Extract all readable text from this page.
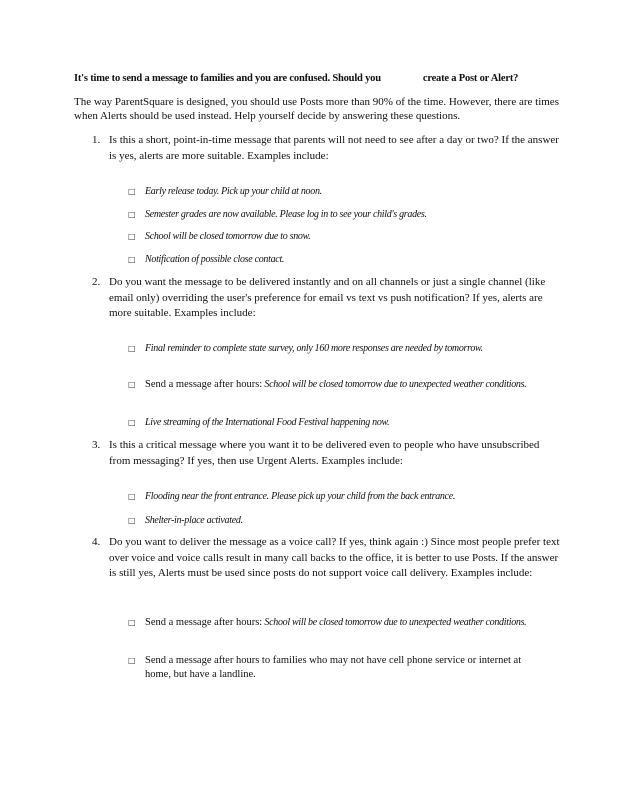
It's time to send a message to families and you are confused. Should you	create a Post or Alert?
The way ParentSquare is designed, you should use Posts more than 90% of the time. However, there are times when Alerts should be used instead. Help yourself decide by answering these questions.
1. Is this a short, point-in-time message that parents will not need to see after a day or two? If the answer is yes, alerts are more suitable. Examples include:
□ Early release today. Pick up your child at noon.
□ Semester grades are now available. Please log in to see your child's grades.
□ School will be closed tomorrow due to snow.
□ Notification of possible close contact.
2. Do you want the message to be delivered instantly and on all channels or just a single channel (like email only) overriding the user's preference for email vs text vs push notification? If yes, alerts are more suitable. Examples include:
□ Final reminder to complete state survey, only 160 more responses are needed by tomorrow.
□ Send a message after hours: School will be closed tomorrow due to unexpected weather conditions.
□ Live streaming of the International Food Festival happening now.
3. Is this a critical message where you want it to be delivered even to people who have unsubscribed from messaging? If yes, then use Urgent Alerts. Examples include:
□ Flooding near the front entrance. Please pick up your child from the back entrance.
□ Shelter-in-place activated.
4. Do you want to deliver the message as a voice call? If yes, think again :) Since most people prefer text over voice and voice calls result in many call backs to the office, it is better to use Posts. If the answer is still yes, Alerts must be used since posts do not support voice call delivery. Examples include:
□ Send a message after hours: School will be closed tomorrow due to unexpected weather conditions.
□ Send a message after hours to families who may not have cell phone service or internet at home, but have a landline.
